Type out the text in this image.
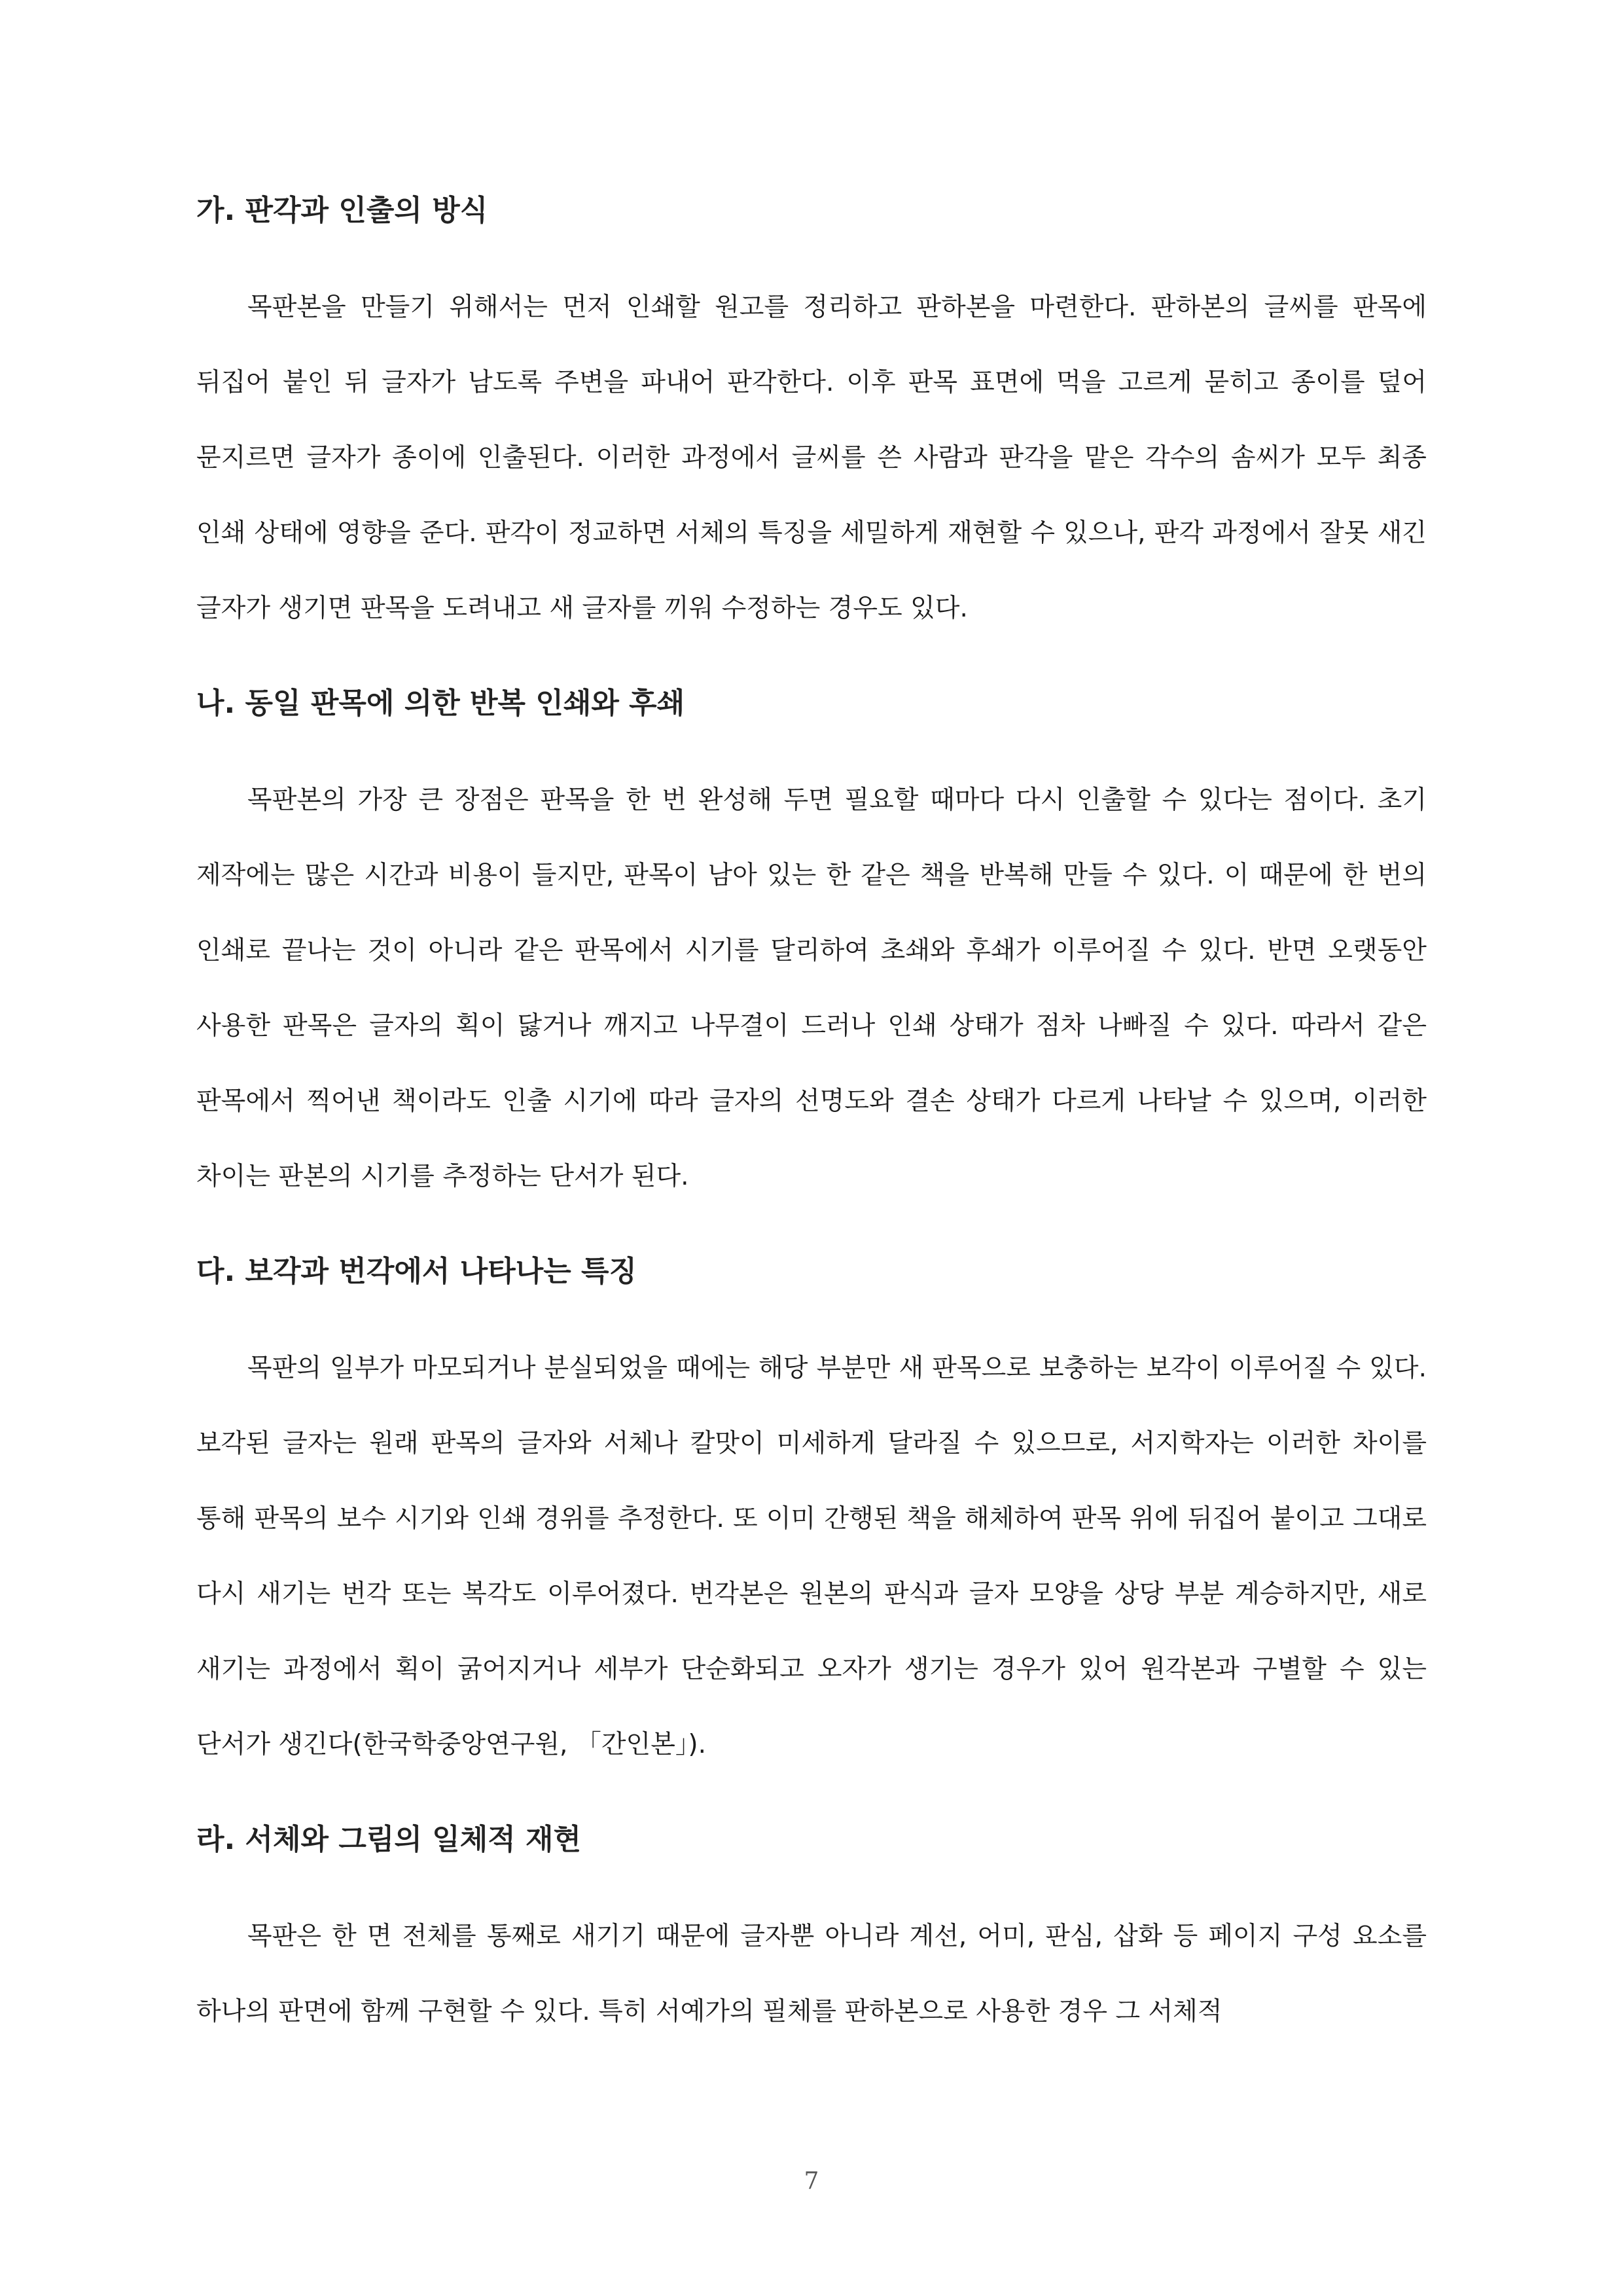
가. 판각과 인출의 방식

목판본을 만들기 위해서는 먼저 인쇄할 원고를 정리하고 판하본을 마련한다. 판하본의 글씨를 판목에 뒤집어 붙인 뒤 글자가 남도록 주변을 파내어 판각한다. 이후 판목 표면에 먹을 고르게 묻히고 종이를 덮어 문지르면 글자가 종이에 인출된다. 이러한 과정에서 글씨를 쓴 사람과 판각을 맡은 각수의 솜씨가 모두 최종 인쇄 상태에 영향을 준다. 판각이 정교하면 서체의 특징을 세밀하게 재현할 수 있으나, 판각 과정에서 잘못 새긴 글자가 생기면 판목을 도려내고 새 글자를 끼워 수정하는 경우도 있다.

나. 동일 판목에 의한 반복 인쇄와 후쇄

목판본의 가장 큰 장점은 판목을 한 번 완성해 두면 필요할 때마다 다시 인출할 수 있다는 점이다. 초기 제작에는 많은 시간과 비용이 들지만, 판목이 남아 있는 한 같은 책을 반복해 만들 수 있다. 이 때문에 한 번의 인쇄로 끝나는 것이 아니라 같은 판목에서 시기를 달리하여 초쇄와 후쇄가 이루어질 수 있다. 반면 오랫동안 사용한 판목은 글자의 획이 닳거나 깨지고 나무결이 드러나 인쇄 상태가 점차 나빠질 수 있다. 따라서 같은 판목에서 찍어낸 책이라도 인출 시기에 따라 글자의 선명도와 결손 상태가 다르게 나타날 수 있으며, 이러한 차이는 판본의 시기를 추정하는 단서가 된다.

다. 보각과 번각에서 나타나는 특징

목판의 일부가 마모되거나 분실되었을 때에는 해당 부분만 새 판목으로 보충하는 보각이 이루어질 수 있다. 보각된 글자는 원래 판목의 글자와 서체나 칼맛이 미세하게 달라질 수 있으므로, 서지학자는 이러한 차이를 통해 판목의 보수 시기와 인쇄 경위를 추정한다. 또 이미 간행된 책을 해체하여 판목 위에 뒤집어 붙이고 그대로 다시 새기는 번각 또는 복각도 이루어졌다. 번각본은 원본의 판식과 글자 모양을 상당 부분 계승하지만, 새로 새기는 과정에서 획이 굵어지거나 세부가 단순화되고 오자가 생기는 경우가 있어 원각본과 구별할 수 있는 단서가 생긴다(한국학중앙연구원, 「간인본」).

라. 서체와 그림의 일체적 재현

목판은 한 면 전체를 통째로 새기기 때문에 글자뿐 아니라 계선, 어미, 판심, 삽화 등 페이지 구성 요소를 하나의 판면에 함께 구현할 수 있다. 특히 서예가의 필체를 판하본으로 사용한 경우 그 서체적

7
